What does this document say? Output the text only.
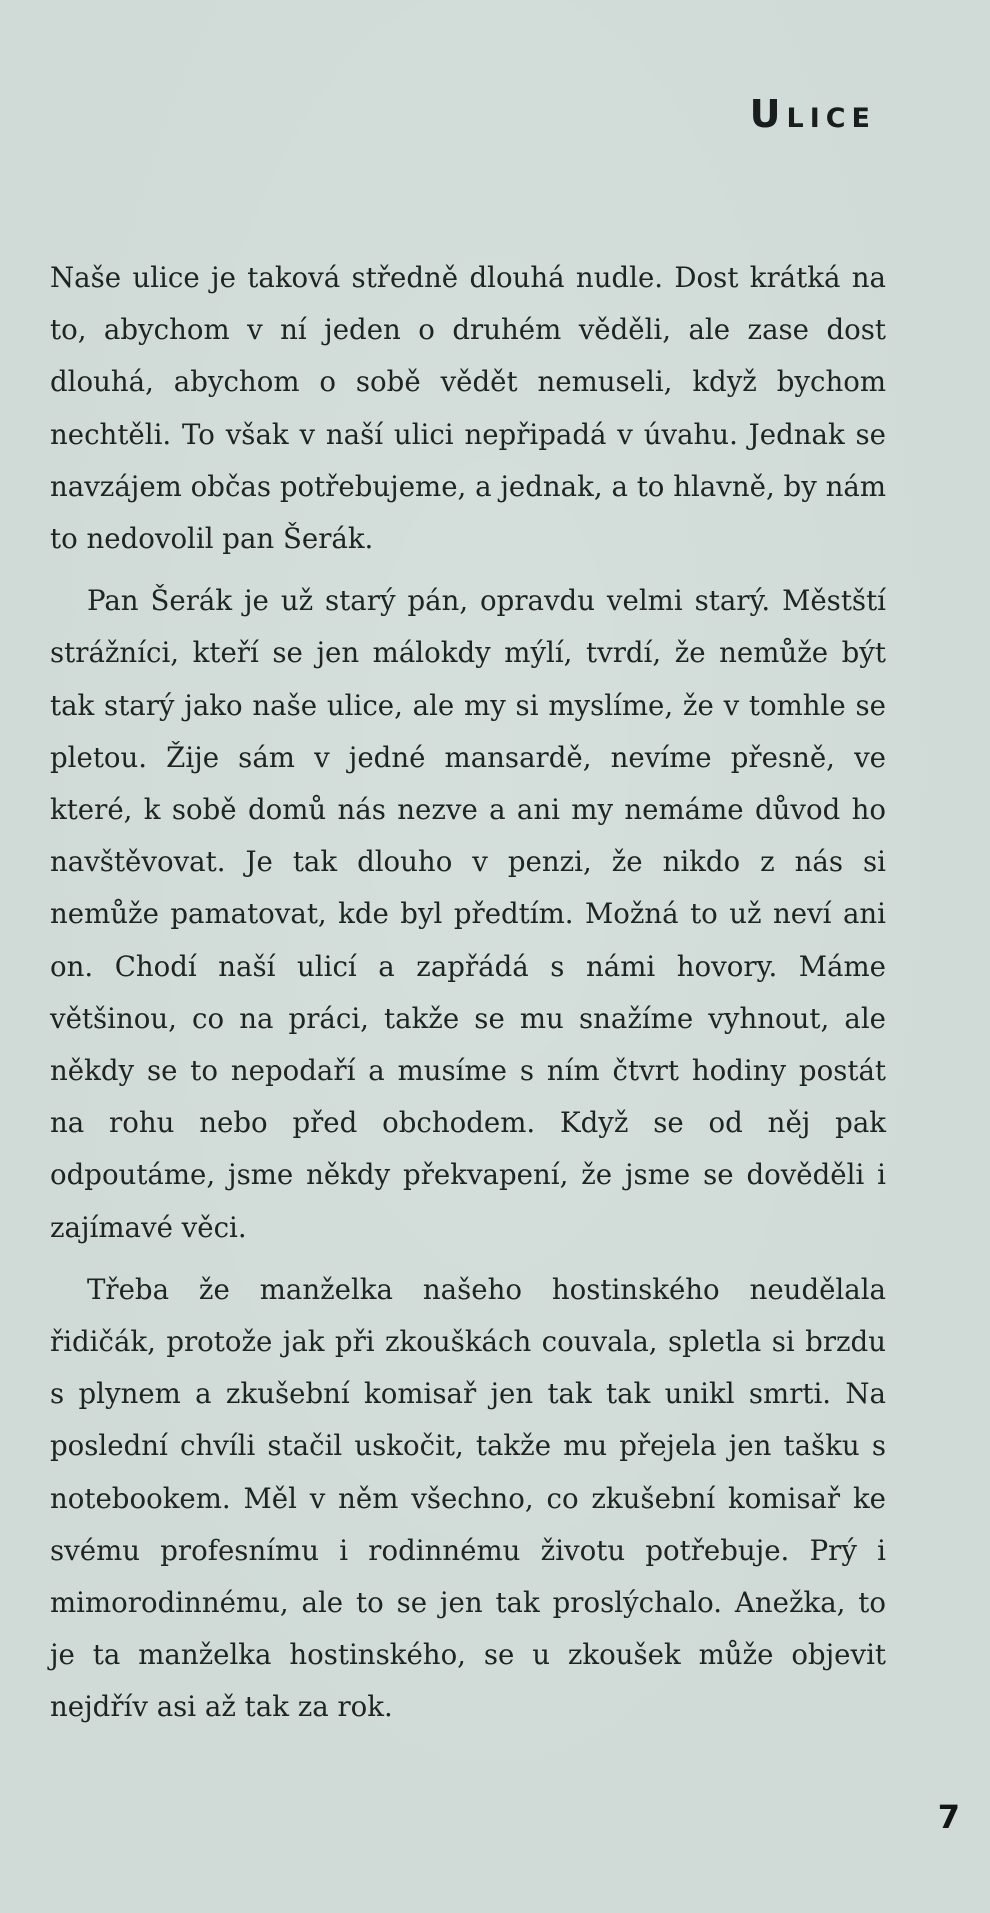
Ulice

Naše ulice je taková středně dlouhá nudle. Dost krátká na to, abychom v ní jeden o druhém věděli, ale zase dost dlouhá, abychom o sobě vědět nemuseli, když bychom nechtěli. To však v naší ulici nepřipadá v úvahu. Jednak se navzájem občas potřebujeme, a jednak, a to hlavně, by nám to nedovolil pan Šerák.

Pan Šerák je už starý pán, opravdu velmi starý. Městští strážníci, kteří se jen málokdy mýlí, tvrdí, že nemůže být tak starý jako naše ulice, ale my si myslíme, že v tomhle se pletou. Žije sám v jedné mansardě, nevíme přesně, ve které, k sobě domů nás nezve a ani my nemáme důvod ho navštěvovat. Je tak dlouho v penzi, že nikdo z nás si nemůže pamatovat, kde byl předtím. Možná to už neví ani on. Chodí naší ulicí a zapřádá s námi hovory. Máme většinou, co na práci, takže se mu snažíme vyhnout, ale někdy se to nepodaří a musíme s ním čtvrt hodiny postát na rohu nebo před obchodem. Když se od něj pak odpoutáme, jsme někdy překvapení, že jsme se dověděli i zajímavé věci.

Třeba že manželka našeho hostinského neudělala řidičák, protože jak při zkouškách couvala, spletla si brzdu s plynem a zkušební komisař jen tak tak unikl smrti. Na poslední chvíli stačil uskočit, takže mu přejela jen tašku s notebookem. Měl v něm všechno, co zkušební komisař ke svému profesnímu i rodinnému životu potřebuje. Prý i mimorodinnému, ale to se jen tak proslýchalo. Anežka, to je ta manželka hostinského, se u zkoušek může objevit nejdřív asi až tak za rok.

7
